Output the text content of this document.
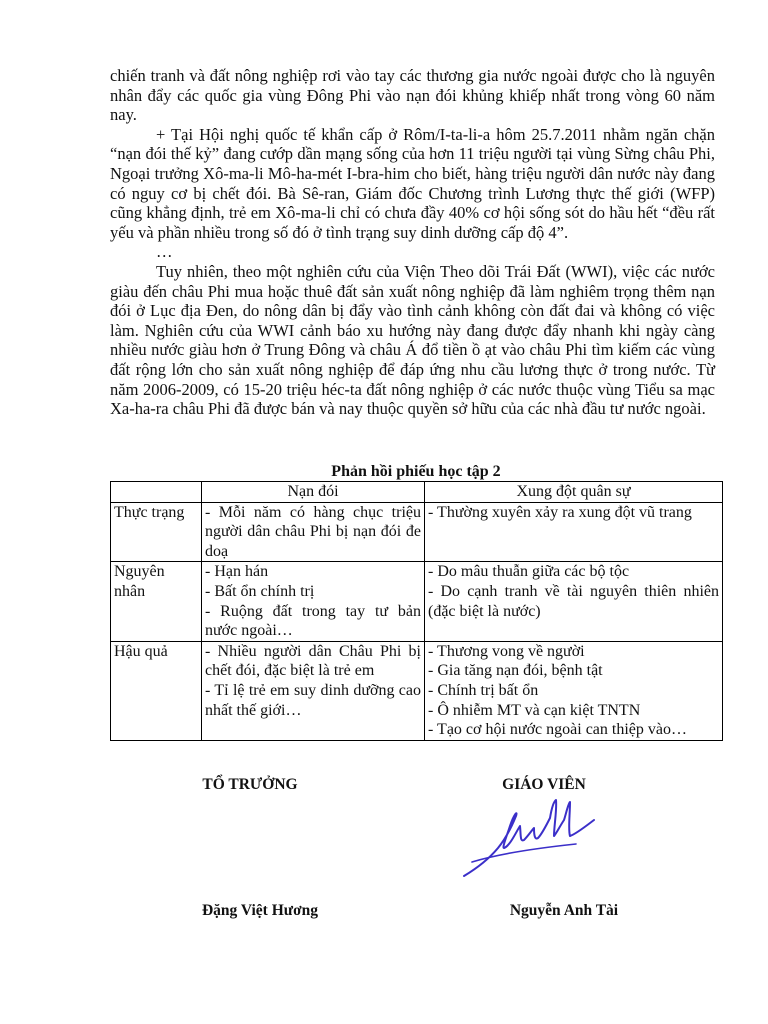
chiến tranh và đất nông nghiệp rơi vào tay các thương gia nước ngoài được cho là nguyên nhân đẩy các quốc gia vùng Đông Phi vào nạn đói khủng khiếp nhất trong vòng 60 năm nay.

+ Tại Hội nghị quốc tế khẩn cấp ở Rôm/I-ta-li-a hôm 25.7.2011 nhằm ngăn chặn “nạn đói thế kỷ” đang cướp dần mạng sống của hơn 11 triệu người tại vùng Sừng châu Phi, Ngoại trưởng Xô-ma-li Mô-ha-mét I-bra-him cho biết, hàng triệu người dân nước này đang có nguy cơ bị chết đói. Bà Sê-ran, Giám đốc Chương trình Lương thực thế giới (WFP) cũng khẳng định, trẻ em Xô-ma-li chỉ có chưa đầy 40% cơ hội sống sót do hầu hết “đều rất yếu và phần nhiều trong số đó ở tình trạng suy dinh dưỡng cấp độ 4”.

…

Tuy nhiên, theo một nghiên cứu của Viện Theo dõi Trái Đất (WWI), việc các nước giàu đến châu Phi mua hoặc thuê đất sản xuất nông nghiệp đã làm nghiêm trọng thêm nạn đói ở Lục địa Đen, do nông dân bị đẩy vào tình cảnh không còn đất đai và không có việc làm. Nghiên cứu của WWI cảnh báo xu hướng này đang được đẩy nhanh khi ngày càng nhiều nước giàu hơn ở Trung Đông và châu Á đổ tiền ồ ạt vào châu Phi tìm kiếm các vùng đất rộng lớn cho sản xuất nông nghiệp để đáp ứng nhu cầu lương thực ở trong nước. Từ năm 2006-2009, có 15-20 triệu héc-ta đất nông nghiệp ở các nước thuộc vùng Tiểu sa mạc Xa-ha-ra châu Phi đã được bán và nay thuộc quyền sở hữu của các nhà đầu tư nước ngoài.

Phản hồi phiếu học tập 2
	Nạn đói	Xung đột quân sự
Thực trạng	- Mỗi năm có hàng chục triệu người dân châu Phi bị nạn đói đe doạ	- Thường xuyên xảy ra xung đột vũ trang

Nguyên nhân	- Hạn hán
- Bất ổn chính trị
- Ruộng đất trong tay tư bản nước ngoài…	- Do mâu thuẫn giữa các bộ tộc
- Do cạnh tranh về tài nguyên thiên nhiên (đặc biệt là nước)

Hậu quả	- Nhiều người dân Châu Phi bị chết đói, đặc biệt là trẻ em
- Tỉ lệ trẻ em suy dinh dưỡng cao nhất thế giới…	- Thương vong về người
- Gia tăng nạn đói, bệnh tật
- Chính trị bất ổn
- Ô nhiễm MT và cạn kiệt TNTN
- Tạo cơ hội nước ngoài can thiệp vào…
TỔ TRƯỞNG	GIÁO VIÊN
Đặng Việt Hương	Nguyễn Anh Tài
